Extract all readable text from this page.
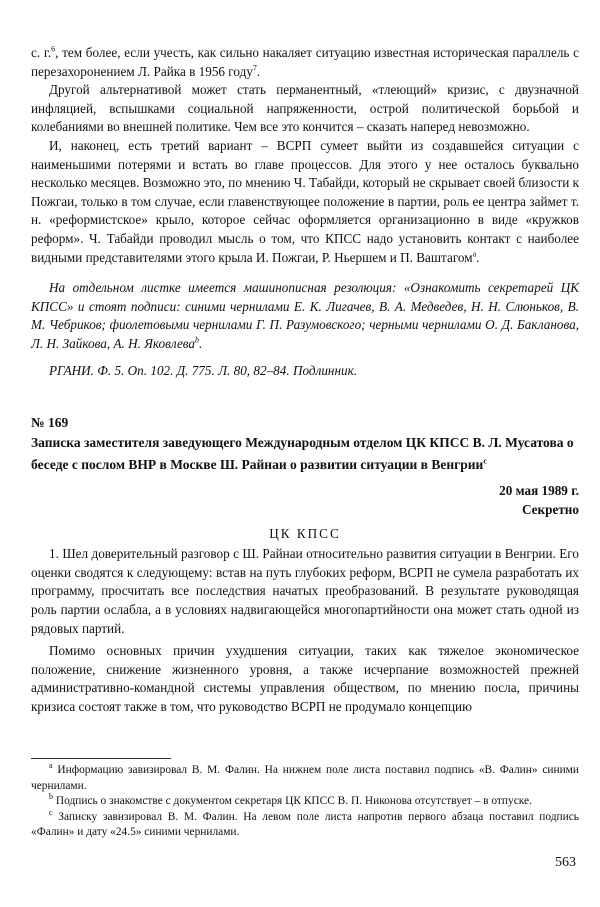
с. г.$^6$, тем более, если учесть, как сильно накаляет ситуацию известная историческая параллель с перезахоронением Л. Райка в 1956 году$^7$.

Другой альтернативой может стать перманентный, «тлеющий» кризис, с двузначной инфляцией, вспышками социальной напряженности, острой политической борьбой и колебаниями во внешней политике. Чем все это кончится – сказать наперед невозможно.

И, наконец, есть третий вариант – ВСРП сумеет выйти из создавшейся ситуации с наименьшими потерями и встать во главе процессов. Для этого у нее осталось буквально несколько месяцев. Возможно это, по мнению Ч. Табайди, который не скрывает своей близости к Пожгаи, только в том случае, если главенствующее положение в партии, роль ее центра займет т. н. «реформистское» крыло, которое сейчас оформляется организационно в виде «кружков реформ». Ч. Табайди проводил мысль о том, что КПСС надо установить контакт с наиболее видными представителями этого крыла И. Пожгаи, Р. Ньершем и П. Ваштагом$^a$.

На отдельном листке имеется машинописная резолюция: «Ознакомить секретарей ЦК КПСС» и стоят подписи: синими чернилами Е. К. Лигачев, В. А. Медведев, Н. Н. Слюньков, В. М. Чебриков; фиолетовыми чернилами Г. П. Разумовского; черными чернилами О. Д. Бакланова, Л. Н. Зайкова, А. Н. Яковлева$^b$.

РГАНИ. Ф. 5. Оп. 102. Д. 775. Л. 80, 82–84. Подлинник.

№ 169
Записка заместителя заведующего Международным отделом ЦК КПСС В. Л. Мусатова о беседе с послом ВНР в Москве Ш. Райнаи о развитии ситуации в Венгрии$^c$
20 мая 1989 г.
Секретно
ЦК КПСС

1. Шел доверительный разговор с Ш. Райнаи относительно развития ситуации в Венгрии. Его оценки сводятся к следующему: встав на путь глубоких реформ, ВСРП не сумела разработать их программу, просчитать все последствия начатых преобразований. В результате руководящая роль партии ослабла, а в условиях надвигающейся многопартийности она может стать одной из рядовых партий.

Помимо основных причин ухудшения ситуации, таких как тяжелое экономическое положение, снижение жизненного уровня, а также исчерпание возможностей прежней административно-командной системы управления обществом, по мнению посла, причины кризиса состоят также в том, что руководство ВСРП не продумало концепцию

$^a$ Информацию завизировал В. М. Фалин. На нижнем поле листа поставил подпись «В. Фалин» синими чернилами.

$^b$ Подпись о знакомстве с документом секретаря ЦК КПСС В. П. Никонова отсутствует – в отпуске.

$^c$ Записку завизировал В. М. Фалин. На левом поле листа напротив первого абзаца поставил подпись «Фалин» и дату «24.5» синими чернилами.

563
